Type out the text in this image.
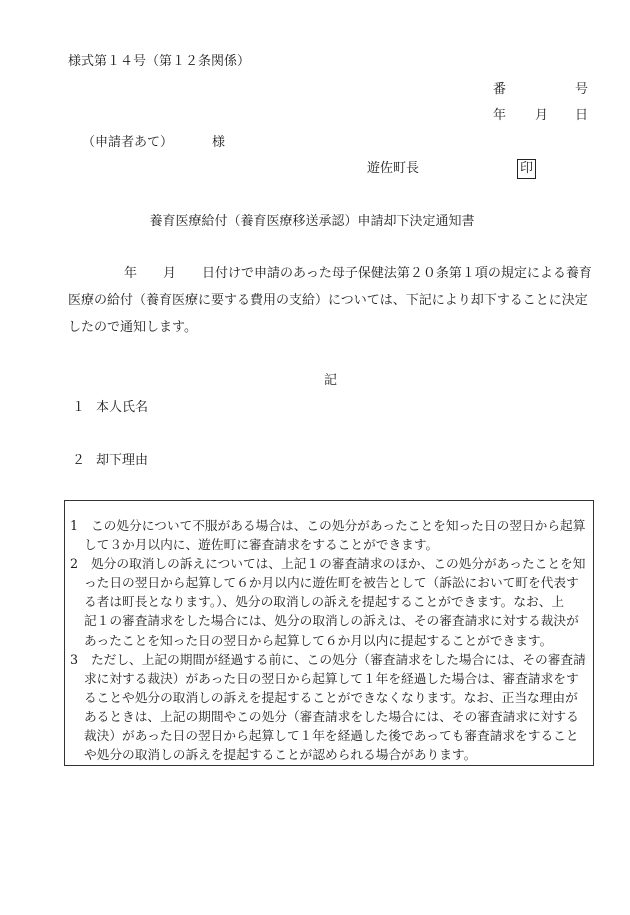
様式第１４号（第１２条関係）
番	号
年 月 日
（申請者あて）	様
遊佐町長	印
養育医療給付（養育医療移送承認）申請却下決定通知書
年　　月　　日付けで申請のあった母子保健法第２０条第１項の規定による養育
医療の給付（養育医療に要する費用の支給）については、下記により却下することに決定
したので通知します。
記
１ 本人氏名
２ 却下理由
1 この処分について不服がある場合は、この処分があったことを知った日の翌日から起算
して３か月以内に、遊佐町に審査請求をすることができます。
2 処分の取消しの訴えについては、上記１の審査請求のほか、この処分があったことを知
った日の翌日から起算して６か月以内に遊佐町を被告として（訴訟において町を代表す
る者は町長となります。）、処分の取消しの訴えを提起することができます。なお、上
記１の審査請求をした場合には、処分の取消しの訴えは、その審査請求に対する裁決が
あったことを知った日の翌日から起算して６か月以内に提起することができます。
3 ただし、上記の期間が経過する前に、この処分（審査請求をした場合には、その審査請
求に対する裁決）があった日の翌日から起算して１年を経過した場合は、審査請求をす
ることや処分の取消しの訴えを提起することができなくなります。なお、正当な理由が
あるときは、上記の期間やこの処分（審査請求をした場合には、その審査請求に対する
裁決）があった日の翌日から起算して１年を経過した後であっても審査請求をすること
や処分の取消しの訴えを提起することが認められる場合があります。
